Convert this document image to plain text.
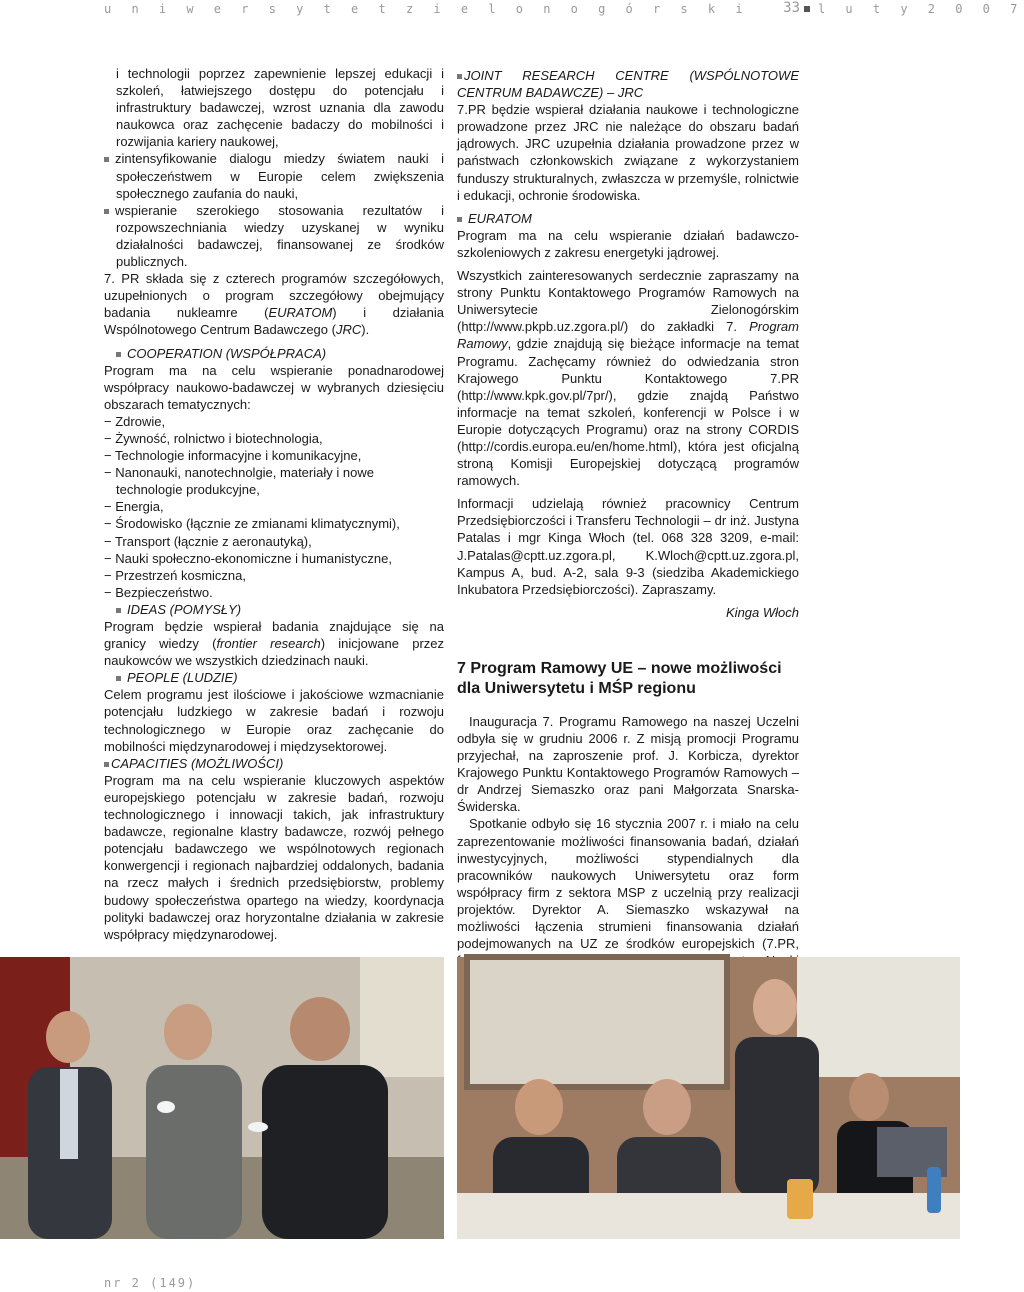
u n i w e r s y t e t z i e l o n o g ó r s k i	l u t y 2 0 0 7
33

i technologii poprzez zapewnienie lepszej edukacji i szkoleń, łatwiejszego dostępu do potencjału i infrastruktury badawczej, wzrost uznania dla zawodu naukowca oraz zachęcenie badaczy do mobilności i rozwijania kariery naukowej,

zintensyfikowanie dialogu miedzy światem nauki i społeczeństwem w Europie celem zwiększenia społecznego zaufania do nauki,

wspieranie szerokiego stosowania rezultatów i rozpowszechniania wiedzy uzyskanej w wyniku działalności badawczej, finansowanej ze środków publicznych.

7. PR składa się z czterech programów szczegółowych, uzupełnionych o program szczegółowy obejmujący badania nukleamre (EURATOM) i działania Wspólnotowego Centrum Badawczego (JRC).

COOPERATION (WSPÓŁPRACA)

Program ma na celu wspieranie ponadnarodowej współpracy naukowo-badawczej w wybranych dziesięciu obszarach tematycznych:

− Zdrowie,
− Żywność, rolnictwo i biotechnologia,
− Technologie informacyjne i komunikacyjne,
− Nanonauki, nanotechnolgie, materiały i nowe technologie produkcyjne,
− Energia,
− Środowisko (łącznie ze zmianami klimatycznymi),
− Transport (łącznie z aeronautyką),
− Nauki społeczno-ekonomiczne i humanistyczne,
− Przestrzeń kosmiczna,
− Bezpieczeństwo.

IDEAS (POMYSŁY)

Program będzie wspierał badania znajdujące się na granicy wiedzy (frontier research) inicjowane przez naukowców we wszystkich dziedzinach nauki.

PEOPLE (LUDZIE)

Celem programu jest ilościowe i jakościowe wzmacnianie potencjału ludzkiego w zakresie badań i rozwoju technologicznego w Europie oraz zachęcanie do mobilności międzynarodowej i międzysektorowej.

CAPACITIES (MOŻLIWOŚCI)

Program ma na celu wspieranie kluczowych aspektów europejskiego potencjału w zakresie badań, rozwoju technologicznego i innowacji takich, jak infrastruktury badawcze, regionalne klastry badawcze, rozwój pełnego potencjału badawczego we wspólnotowych regionach konwergencji i regionach najbardziej oddalonych, badania na rzecz małych i średnich przedsiębiorstw, problemy budowy społeczeństwa opartego na wiedzy, koordynacja polityki badawczej oraz horyzontalne działania w zakresie współpracy międzynarodowej.

JOINT RESEARCH CENTRE (WSPÓLNOTOWE CENTRUM BADAWCZE) – JRC

7.PR będzie wspierał działania naukowe i technologiczne prowadzone przez JRC nie należące do obszaru badań jądrowych. JRC uzupełnia działania prowadzone przez w państwach członkowskich związane z wykorzystaniem funduszy strukturalnych, zwłaszcza w przemyśle, rolnictwie i edukacji, ochronie środowiska.

EURATOM

Program ma na celu wspieranie działań badawczo-szkoleniowych z zakresu energetyki jądrowej.

Wszystkich zainteresowanych serdecznie zapraszamy na strony Punktu Kontaktowego Programów Ramowych na Uniwersytecie Zielonogórskim (http://www.pkpb.uz.zgora.pl/) do zakładki 7. Program Ramowy, gdzie znajdują się bieżące informacje na temat Programu. Zachęcamy również do odwiedzania stron Krajowego Punktu Kontaktowego 7.PR (http://www.kpk.gov.pl/7pr/), gdzie znajdą Państwo informacje na temat szkoleń, konferencji w Polsce i w Europie dotyczących Programu) oraz na strony CORDIS (http://cordis.europa.eu/en/home.html), która jest oficjalną stroną Komisji Europejskiej dotyczącą programów ramowych.

Informacji udzielają również pracownicy Centrum Przedsiębiorczości i Transferu Technologii – dr inż. Justyna Patalas i mgr Kinga Włoch (tel. 068 328 3209, e-mail: J.Patalas@cptt.uz.zgora.pl, K.Wloch@cptt.uz.zgora.pl, Kampus A, bud. A-2, sala 9-3 (siedziba Akademickiego Inkubatora Przedsiębiorczości). Zapraszamy.

Kinga Włoch

7 Program Ramowy UE – nowe możliwości dla Uniwersytetu i MŚP regionu

Inauguracja 7. Programu Ramowego na naszej Uczelni odbyła się w grudniu 2006 r. Z misją promocji Programu przyjechał, na zaproszenie prof. J. Korbicza, dyrektor Krajowego Punktu Kontaktowego Programów Ramowych – dr Andrzej Siemaszko oraz pani Małgorzata Snarska-Świderska.

Spotkanie odbyło się 16 stycznia 2007 r. i miało na celu zaprezentowanie możliwości finansowania badań, działań inwestycyjnych, możliwości stypendialnych dla pracowników naukowych Uniwersytetu oraz form współpracy firm z sektora MSP z uczelnią przy realizacji projektów. Dyrektor A. Siemaszko wskazywał na możliwości łączenia strumieni finansowania działań podejmowanych na UZ ze środków europejskich (7.PR,

nr 2 (149)
